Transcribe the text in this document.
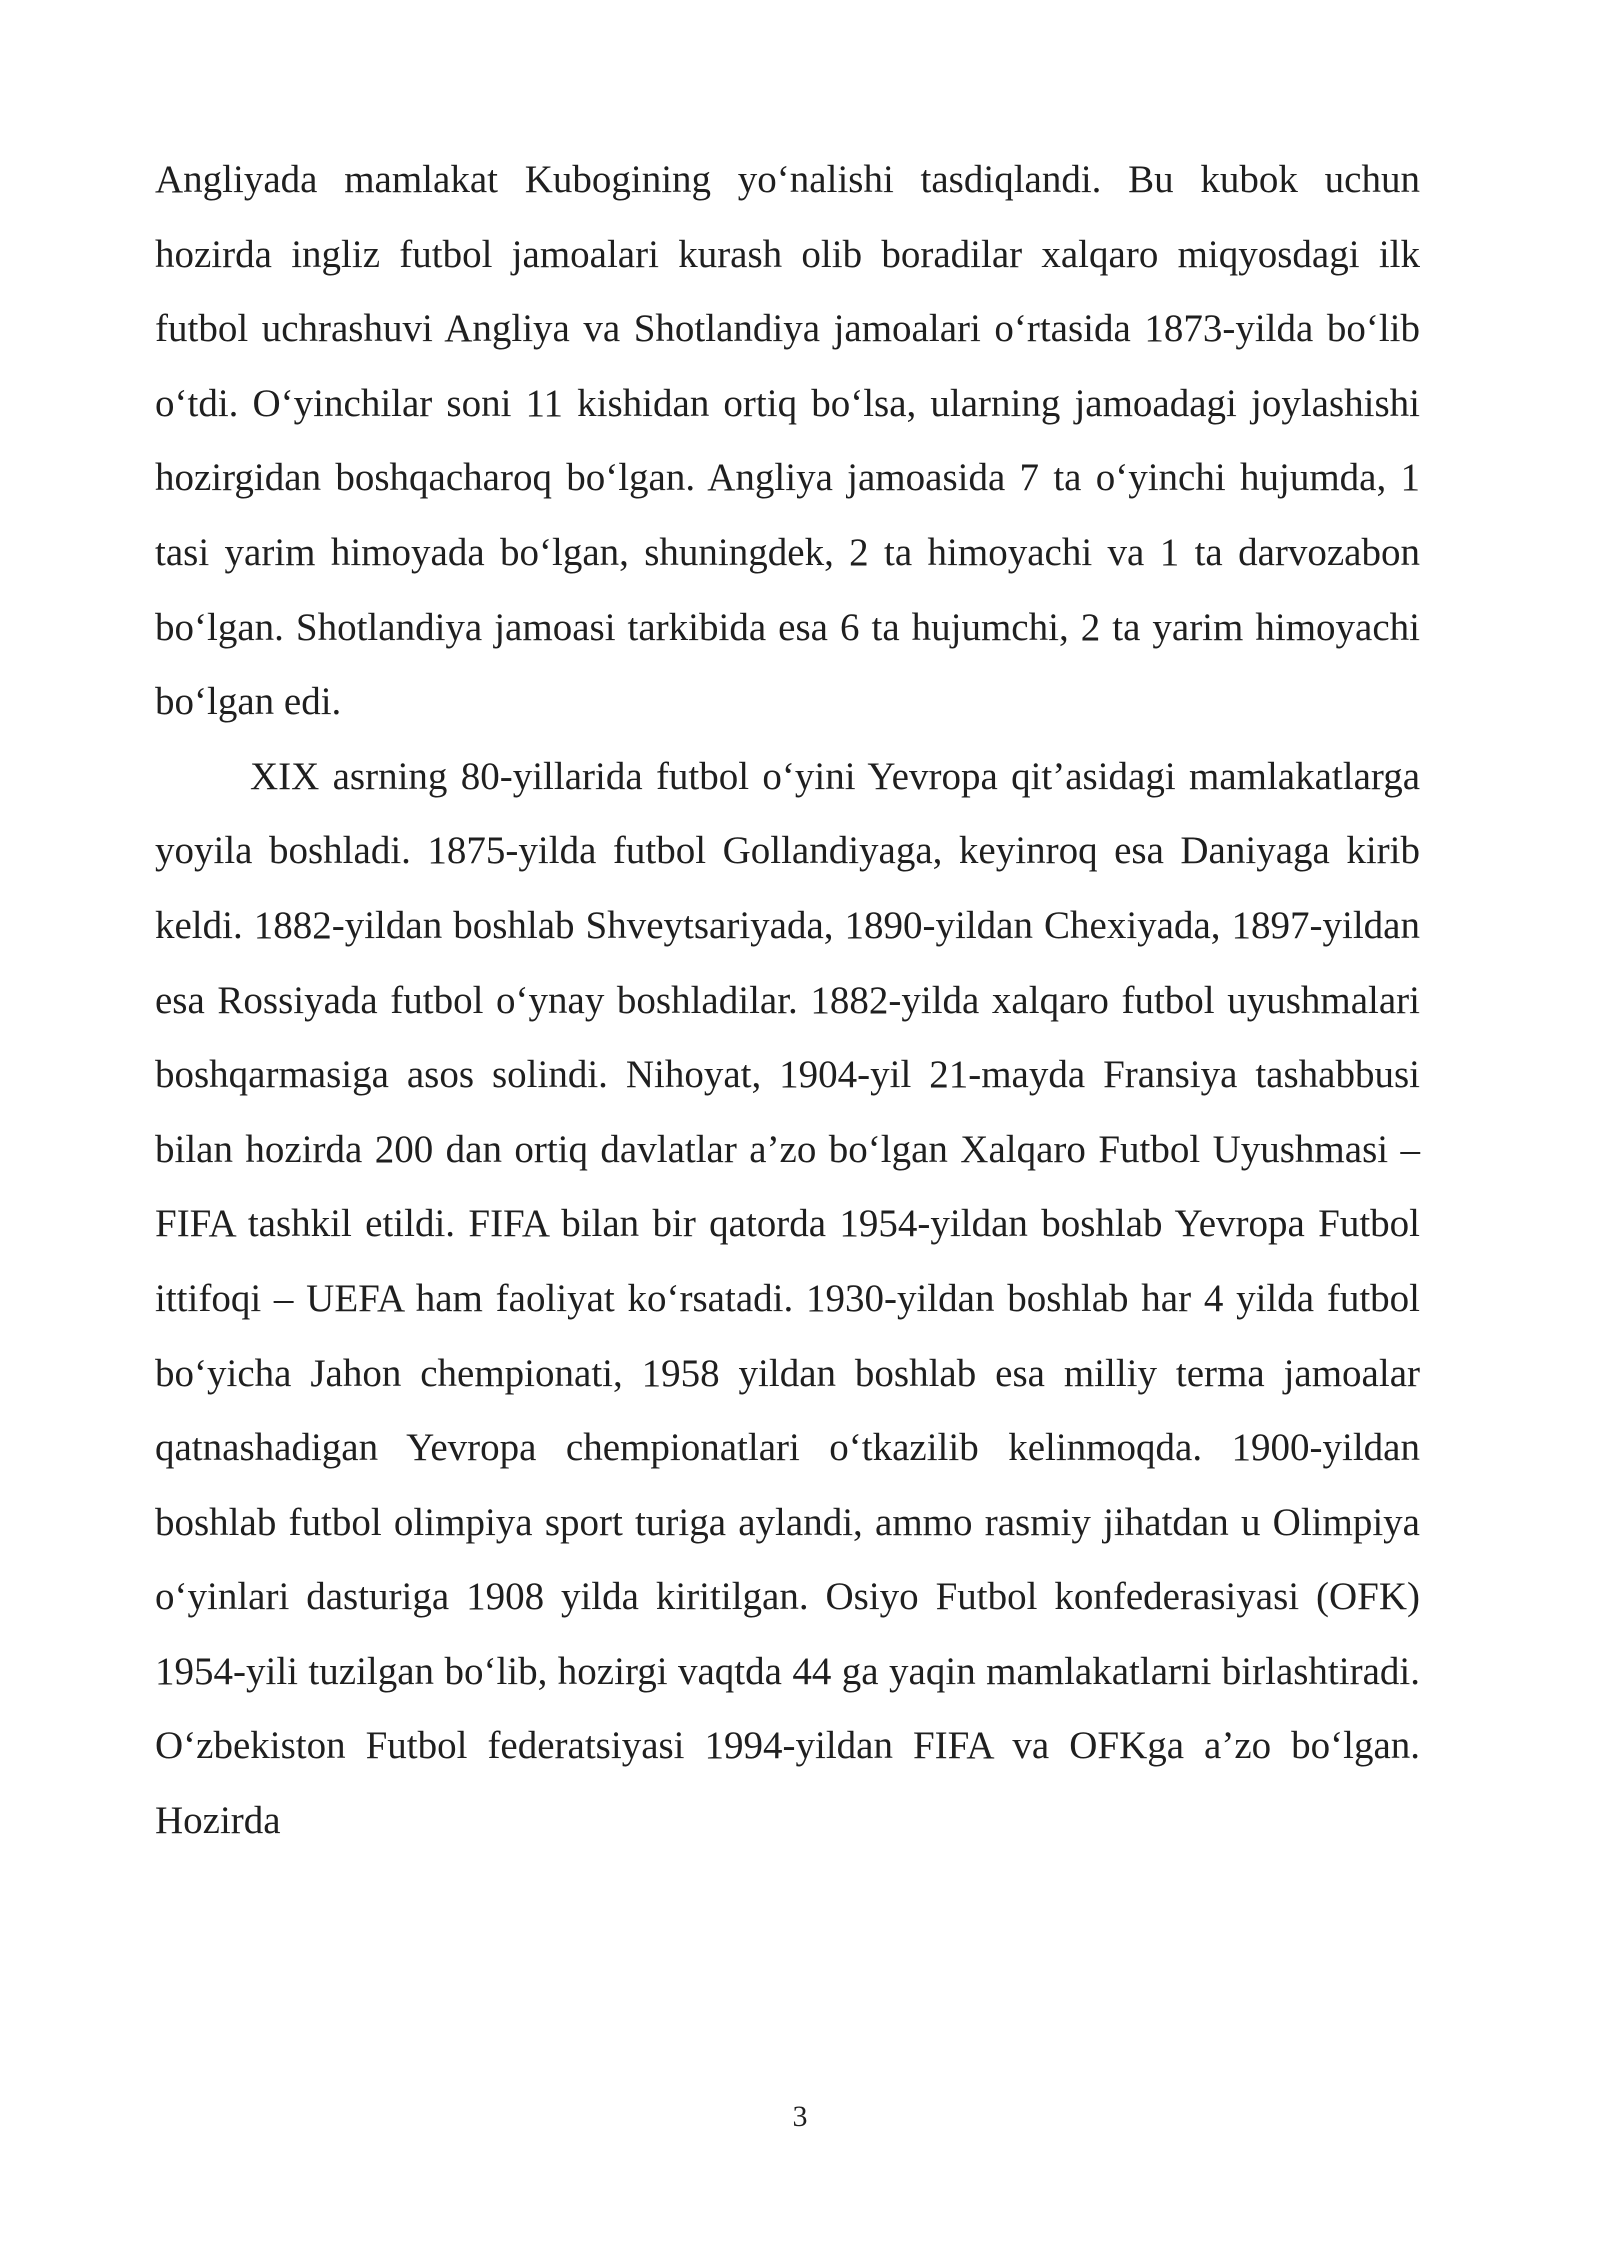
Angliyada mamlakat Kubogining yo‘nalishi tasdiqlandi. Bu kubok uchun hozirda ingliz futbol jamoalari kurash olib boradilar xalqaro miqyosdagi ilk futbol uchrashuvi Angliya va Shotlandiya jamoalari o‘rtasida 1873-yilda bo‘lib o‘tdi. O‘yinchilar soni 11 kishidan ortiq bo‘lsa, ularning jamoadagi joylashishi hozirgidan boshqacharoq bo‘lgan. Angliya jamoasida 7 ta o‘yinchi hujumda, 1 tasi yarim himoyada bo‘lgan, shuningdek, 2 ta himoyachi va 1 ta darvozabon bo‘lgan. Shotlandiya jamoasi tarkibida esa 6 ta hujumchi, 2 ta yarim himoyachi bo‘lgan edi.

XIX asrning 80-yillarida futbol o‘yini Yevropa qit’asidagi mamlakatlarga yoyila boshladi. 1875-yilda futbol Gollandiyaga, keyinroq esa Daniyaga kirib keldi. 1882-yildan boshlab Shveytsariyada, 1890-yildan Chexiyada, 1897-yildan esa Rossiyada futbol o‘ynay boshladilar. 1882-yilda xalqaro futbol uyushmalari boshqarmasiga asos solindi. Nihoyat, 1904-yil 21-mayda Fransiya tashabbusi bilan hozirda 200 dan ortiq davlatlar a’zo bo‘lgan Xalqaro Futbol Uyushmasi – FIFA tashkil etildi. FIFA bilan bir qatorda 1954-yildan boshlab Yevropa Futbol ittifoqi – UEFA ham faoliyat ko‘rsatadi. 1930-yildan boshlab har 4 yilda futbol bo‘yicha Jahon chempionati, 1958 yildan boshlab esa milliy terma jamoalar qatnashadigan Yevropa chempionatlari o‘tkazilib kelinmoqda. 1900-yildan boshlab futbol olimpiya sport turiga aylandi, ammo rasmiy jihatdan u Olimpiya o‘yinlari dasturiga 1908 yilda kiritilgan. Osiyo Futbol konfederasiyasi (OFK) 1954-yili tuzilgan bo‘lib, hozirgi vaqtda 44 ga yaqin mamlakatlarni birlashtiradi. O‘zbekiston Futbol federatsiyasi 1994-yildan FIFA va OFKga a’zo bo‘lgan. Hozirda

3
